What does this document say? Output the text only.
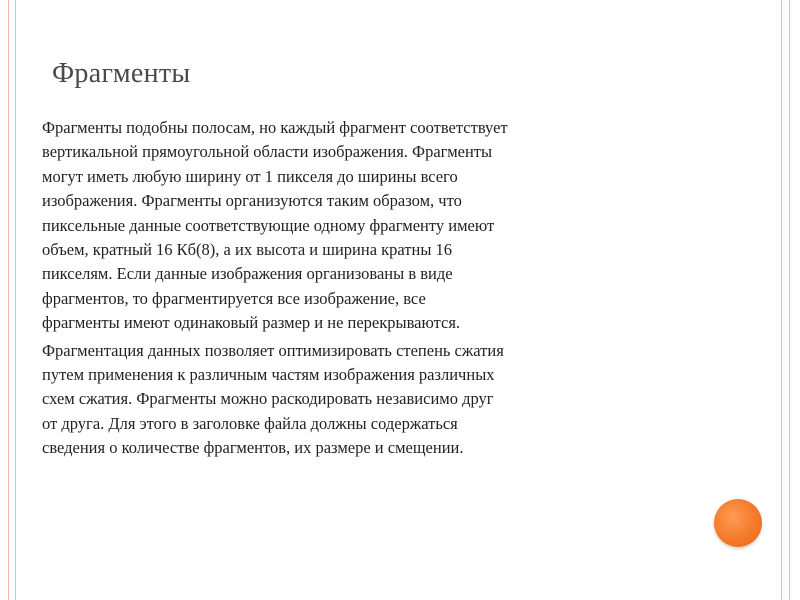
Фрагменты

Фрагменты подобны полосам, но каждый фрагмент соответствует
вертикальной прямоугольной области изображения. Фрагменты
могут иметь любую ширину от 1 пикселя до ширины всего
изображения. Фрагменты организуются таким образом, что
пиксельные данные соответствующие одному фрагменту имеют
объем, кратный 16 Кб(8), а их высота и ширина кратны 16
пикселям. Если данные изображения организованы в виде
фрагментов, то фрагментируется все изображение, все
фрагменты имеют одинаковый размер и не перекрываются.

Фрагментация данных позволяет оптимизировать степень сжатия
путем применения к различным частям изображения различных
схем сжатия. Фрагменты можно раскодировать независимо друг
от друга. Для этого в заголовке файла должны содержаться
сведения о количестве фрагментов, их размере и смещении.
